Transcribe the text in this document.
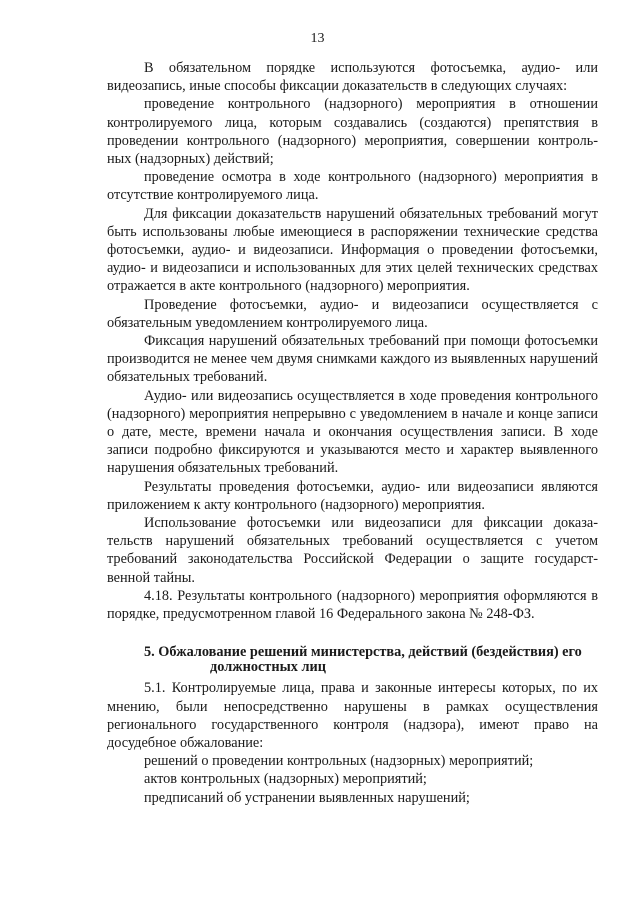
13

В обязательном порядке используются фотосъемка, аудио- или видеозапись, иные способы фиксации доказательств в следующих случаях:

проведение контрольного (надзорного) мероприятия в отношении контролируемого лица, которым создавались (создаются) препятствия в проведении контрольного (надзорного) мероприятия, совершении контроль-ных (надзорных) действий;

проведение осмотра в ходе контрольного (надзорного) мероприятия в отсутствие контролируемого лица.

Для фиксации доказательств нарушений обязательных требований могут быть использованы любые имеющиеся в распоряжении технические средства фотосъемки, аудио- и видеозаписи. Информация о проведении фотосъемки, аудио- и видеозаписи и использованных для этих целей технических средствах отражается в акте контрольного (надзорного) мероприятия.

Проведение фотосъемки, аудио- и видеозаписи осуществляется с обязательным уведомлением контролируемого лица.

Фиксация нарушений обязательных требований при помощи фотосъемки производится не менее чем двумя снимками каждого из выявленных нарушений обязательных требований.

Аудио- или видеозапись осуществляется в ходе проведения контрольного (надзорного) мероприятия непрерывно с уведомлением в начале и конце записи о дате, месте, времени начала и окончания осуществления записи. В ходе записи подробно фиксируются и указываются место и характер выявленного нарушения обязательных требований.

Результаты проведения фотосъемки, аудио- или видеозаписи являются приложением к акту контрольного (надзорного) мероприятия.

Использование фотосъемки или видеозаписи для фиксации доказа-тельств нарушений обязательных требований осуществляется с учетом требований законодательства Российской Федерации о защите государст-венной тайны.

4.18. Результаты контрольного (надзорного) мероприятия оформляются в порядке, предусмотренном главой 16 Федерального закона № 248-ФЗ.

5. Обжалование решений министерства, действий (бездействия) его
должностных лиц

5.1. Контролируемые лица, права и законные интересы которых, по их мнению, были непосредственно нарушены в рамках осуществления регионального государственного контроля (надзора), имеют право на досудебное обжалование:

решений о проведении контрольных (надзорных) мероприятий;

актов контрольных (надзорных) мероприятий;

предписаний об устранении выявленных нарушений;
